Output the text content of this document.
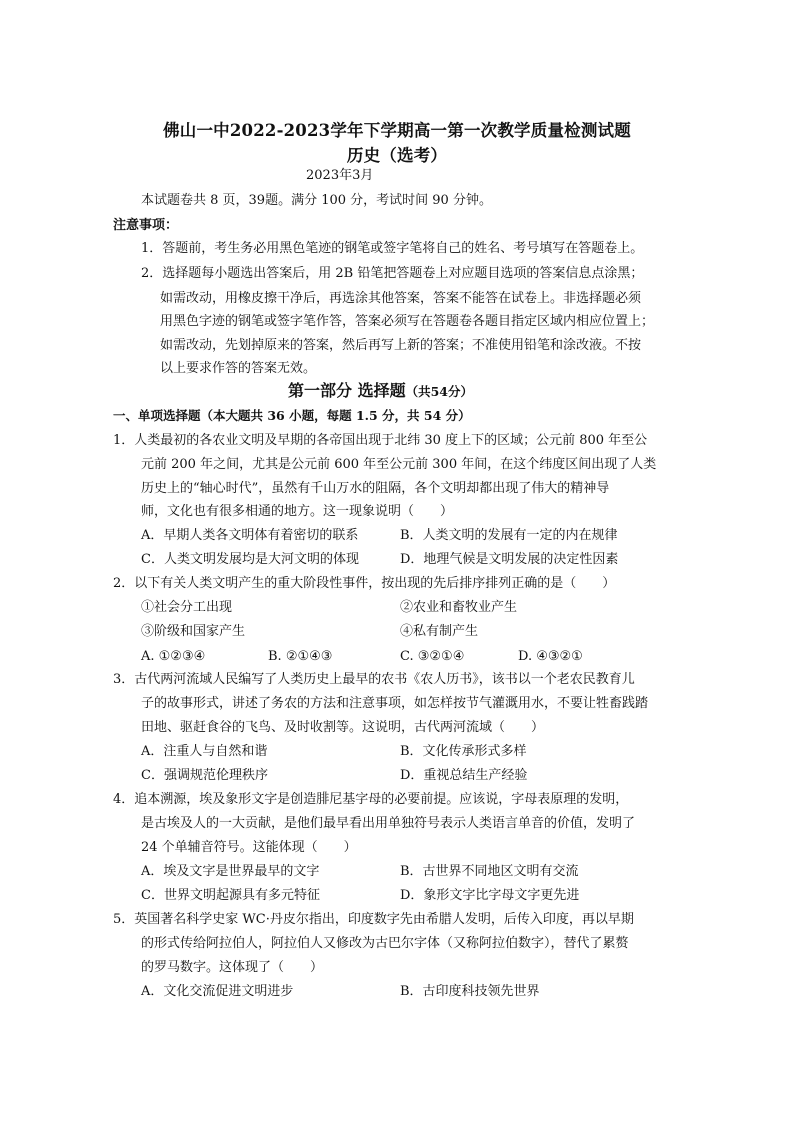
佛山一中2022-2023学年下学期高一第一次教学质量检测试题
历史（选考）
2023年3月
本试题卷共 8 页，39题。满分 100 分，考试时间 90 分钟。
注意事项：
1．答题前，考生务必用黑色笔迹的钢笔或签字笔将自己的姓名、考号填写在答题卷上。
2．选择题每小题选出答案后，用 2B 铅笔把答题卷上对应题目选项的答案信息点涂黑；
如需改动，用橡皮擦干净后，再选涂其他答案，答案不能答在试卷上。非选择题必须
用黑色字迹的钢笔或签字笔作答，答案必须写在答题卷各题目指定区域内相应位置上；
如需改动，先划掉原来的答案，然后再写上新的答案；不准使用铅笔和涂改液。不按
以上要求作答的答案无效。
第一部分 选择题（共54分）
一、单项选择题（本大题共 36 小题，每题 1.5 分，共 54 分）
1．人类最初的各农业文明及早期的各帝国出现于北纬 30 度上下的区域；公元前 800 年至公
元前 200 年之间，尤其是公元前 600 年至公元前 300 年间，在这个纬度区间出现了人类
历史上的“轴心时代”，虽然有千山万水的阻隔，各个文明却都出现了伟大的精神导
师，文化也有很多相通的地方。这一现象说明（　　）
A．早期人类各文明体有着密切的联系	B．人类文明的发展有一定的内在规律
C．人类文明发展均是大河文明的体现	D．地理气候是文明发展的决定性因素
2．以下有关人类文明产生的重大阶段性事件，按出现的先后排序排列正确的是（　　）
①社会分工出现	②农业和畜牧业产生
③阶级和国家产生	④私有制产生
A. ①②③④	B. ②①④③	C. ③②①④	D. ④③②①
3．古代两河流域人民编写了人类历史上最早的农书《农人历书》，该书以一个老农民教育儿
子的故事形式，讲述了务农的方法和注意事项，如怎样按节气灌溉用水，不要让牲畜践踏
田地、驱赶食谷的飞鸟、及时收割等。这说明，古代两河流域（　　）
A．注重人与自然和谐	B．文化传承形式多样
C．强调规范伦理秩序	D．重视总结生产经验
4．追本溯源，埃及象形文字是创造腓尼基字母的必要前提。应该说，字母表原理的发明，
是古埃及人的一大贡献，是他们最早看出用单独符号表示人类语言单音的价值，发明了
24 个单辅音符号。这能体现（　　）
A．埃及文字是世界最早的文字	B．古世界不同地区文明有交流
C．世界文明起源具有多元特征	D．象形文字比字母文字更先进
5．英国著名科学史家 WC·丹皮尔指出，印度数字先由希腊人发明，后传入印度，再以早期
的形式传给阿拉伯人，阿拉伯人又修改为古巴尔字体（又称阿拉伯数字），替代了累赘
的罗马数字。这体现了（　　）
A．文化交流促进文明进步	B．古印度科技领先世界
